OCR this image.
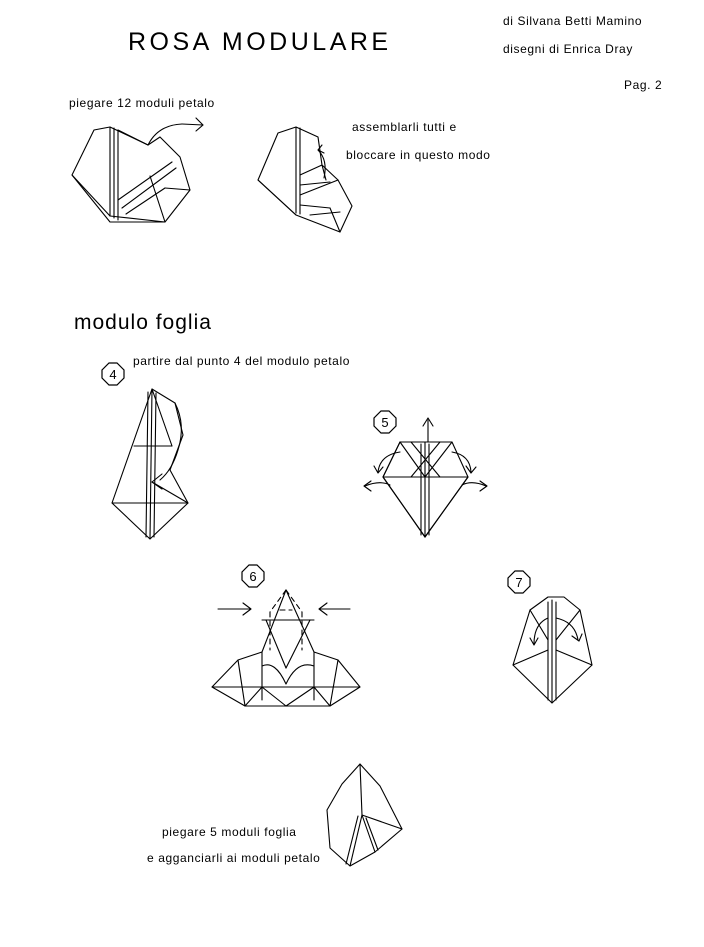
ROSA MODULARE
di Silvana Betti Mamino
disegni di Enrica Dray
Pag. 2
piegare 12 moduli petalo
assemblarli tutti e
bloccare in questo modo
modulo foglia
partire dal punto 4 del modulo petalo
4
5
6	7
piegare 5 moduli foglia
e agganciarli ai moduli petalo
